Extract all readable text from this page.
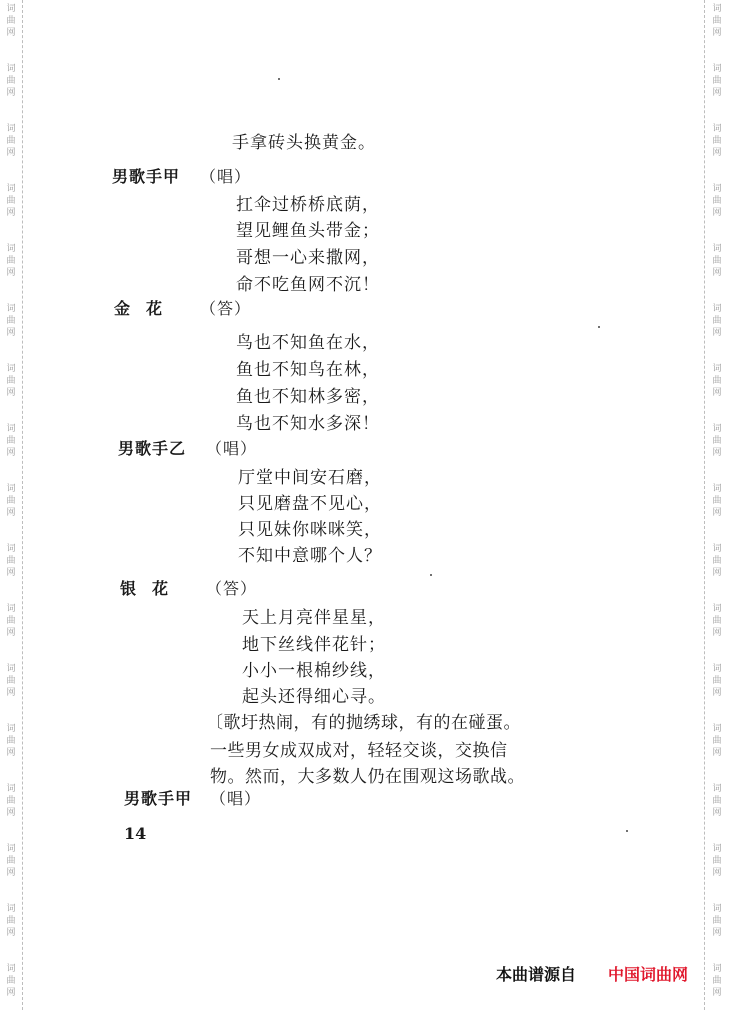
词
曲
网
词
曲
网
词
曲
网
词
曲
网
词
曲
网
词
曲
网
词
曲
网
词
曲
网
词
曲
网
词
曲
网
词
曲
网
词
曲
网
词
曲
网
词
曲
网
词
曲
网
词
曲
网
词
曲
网
词
曲
网
词
曲
网
词
曲
网
词
曲
网
词
曲
网
词
曲
网
词
曲
网
词
曲
网
词
曲
网
词
曲
网
词
曲
网
词
曲
网
词
曲
网
词
曲
网
词
曲
网
词
曲
网
词
曲
网
手拿砖头换黄金。
男歌手甲 （唱）
扛伞过桥桥底荫，
望见鲤鱼头带金；
哥想一心来撒网，
命不吃鱼网不沉！
金　花 （答）
鸟也不知鱼在水，
鱼也不知鸟在林，
鱼也不知林多密，
鸟也不知水多深！
男歌手乙 （唱）
厅堂中间安石磨，
只见磨盘不见心，
只见妹你咪咪笑，
不知中意哪个人？
银　花 （答）
天上月亮伴星星，
地下丝线伴花针；
小小一根棉纱线，
起头还得细心寻。
〔歌圩热闹，有的抛绣球，有的在碰蛋。
一些男女成双成对，轻轻交谈，交换信
物。然而，大多数人仍在围观这场歌战。
男歌手甲 （唱）
14
本曲谱源自 中国词曲网
